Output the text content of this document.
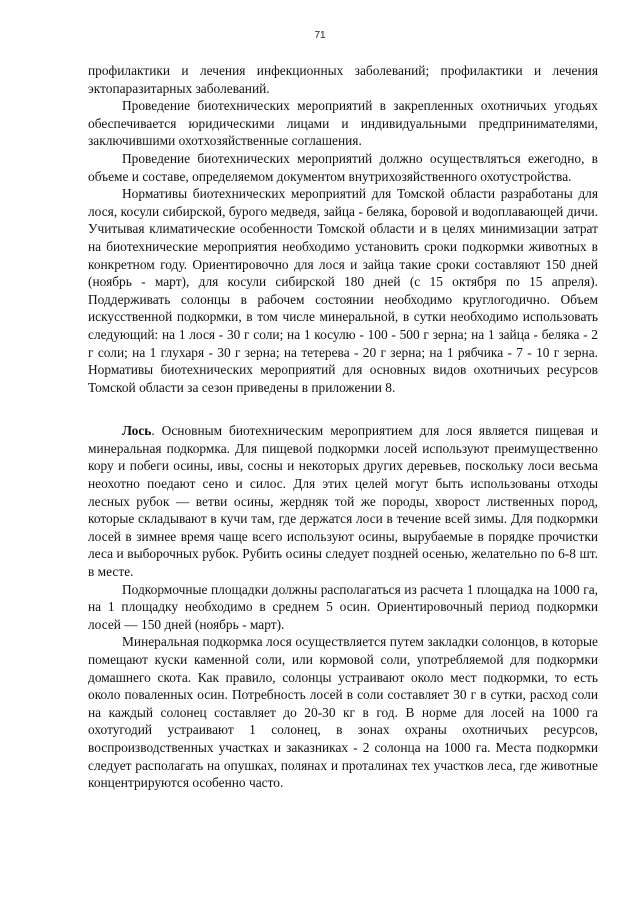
71

профилактики и лечения инфекционных заболеваний; профилактики и лечения эктопаразитарных заболеваний.

Проведение биотехнических мероприятий в закрепленных охотничьих угодьях обеспечивается юридическими лицами и индивидуальными предпринимателями, заключившими охотхозяйственные соглашения.

Проведение биотехнических мероприятий должно осуществляться ежегодно, в объеме и составе, определяемом документом внутрихозяйственного охотустройства.

Нормативы биотехнических мероприятий для Томской области разработаны для лося, косули сибирской, бурого медведя, зайца - беляка, боровой и водоплавающей дичи. Учитывая климатические особенности Томской области и в целях минимизации затрат на биотехнические мероприятия необходимо установить сроки подкормки животных в конкретном году. Ориентировочно для лося и зайца такие сроки составляют 150 дней (ноябрь - март), для косули сибирской 180 дней (с 15 октября по 15 апреля). Поддерживать солонцы в рабочем состоянии необходимо круглогодично. Объем искусственной подкормки, в том числе минеральной, в сутки необходимо использовать следующий: на 1 лося - 30 г соли; на 1 косулю - 100 - 500 г зерна; на 1 зайца - беляка - 2 г соли; на 1 глухаря - 30 г зерна; на тетерева - 20 г зерна; на 1 рябчика - 7 - 10 г зерна. Нормативы биотехнических мероприятий для основных видов охотничьих ресурсов Томской области за сезон приведены в приложении 8.

Лось. Основным биотехническим мероприятием для лося является пищевая и минеральная подкормка. Для пищевой подкормки лосей используют преимущественно кору и побеги осины, ивы, сосны и некоторых других деревьев, поскольку лоси весьма неохотно поедают сено и силос. Для этих целей могут быть использованы отходы лесных рубок — ветви осины, жердняк той же породы, хворост лиственных пород, которые складывают в кучи там, где держатся лоси в течение всей зимы. Для подкормки лосей в зимнее время чаще всего используют осины, вырубаемые в порядке прочистки леса и выборочных рубок. Рубить осины следует поздней осенью, желательно по 6-8 шт. в месте.

Подкормочные площадки должны располагаться из расчета 1 площадка на 1000 га, на 1 площадку необходимо в среднем 5 осин. Ориентировочный период подкормки лосей — 150 дней (ноябрь - март).

Минеральная подкормка лося осуществляется путем закладки солонцов, в которые помещают куски каменной соли, или кормовой соли, употребляемой для подкормки домашнего скота. Как правило, солонцы устраивают около мест подкормки, то есть около поваленных осин. Потребность лосей в соли составляет 30 г в сутки, расход соли на каждый солонец составляет до 20-30 кг в год. В норме для лосей на 1000 га охотугодий устраивают 1 солонец, в зонах охраны охотничьих ресурсов, воспроизводственных участках и заказниках - 2 солонца на 1000 га. Места подкормки следует располагать на опушках, полянах и проталинах тех участков леса, где животные концентрируются особенно часто.
